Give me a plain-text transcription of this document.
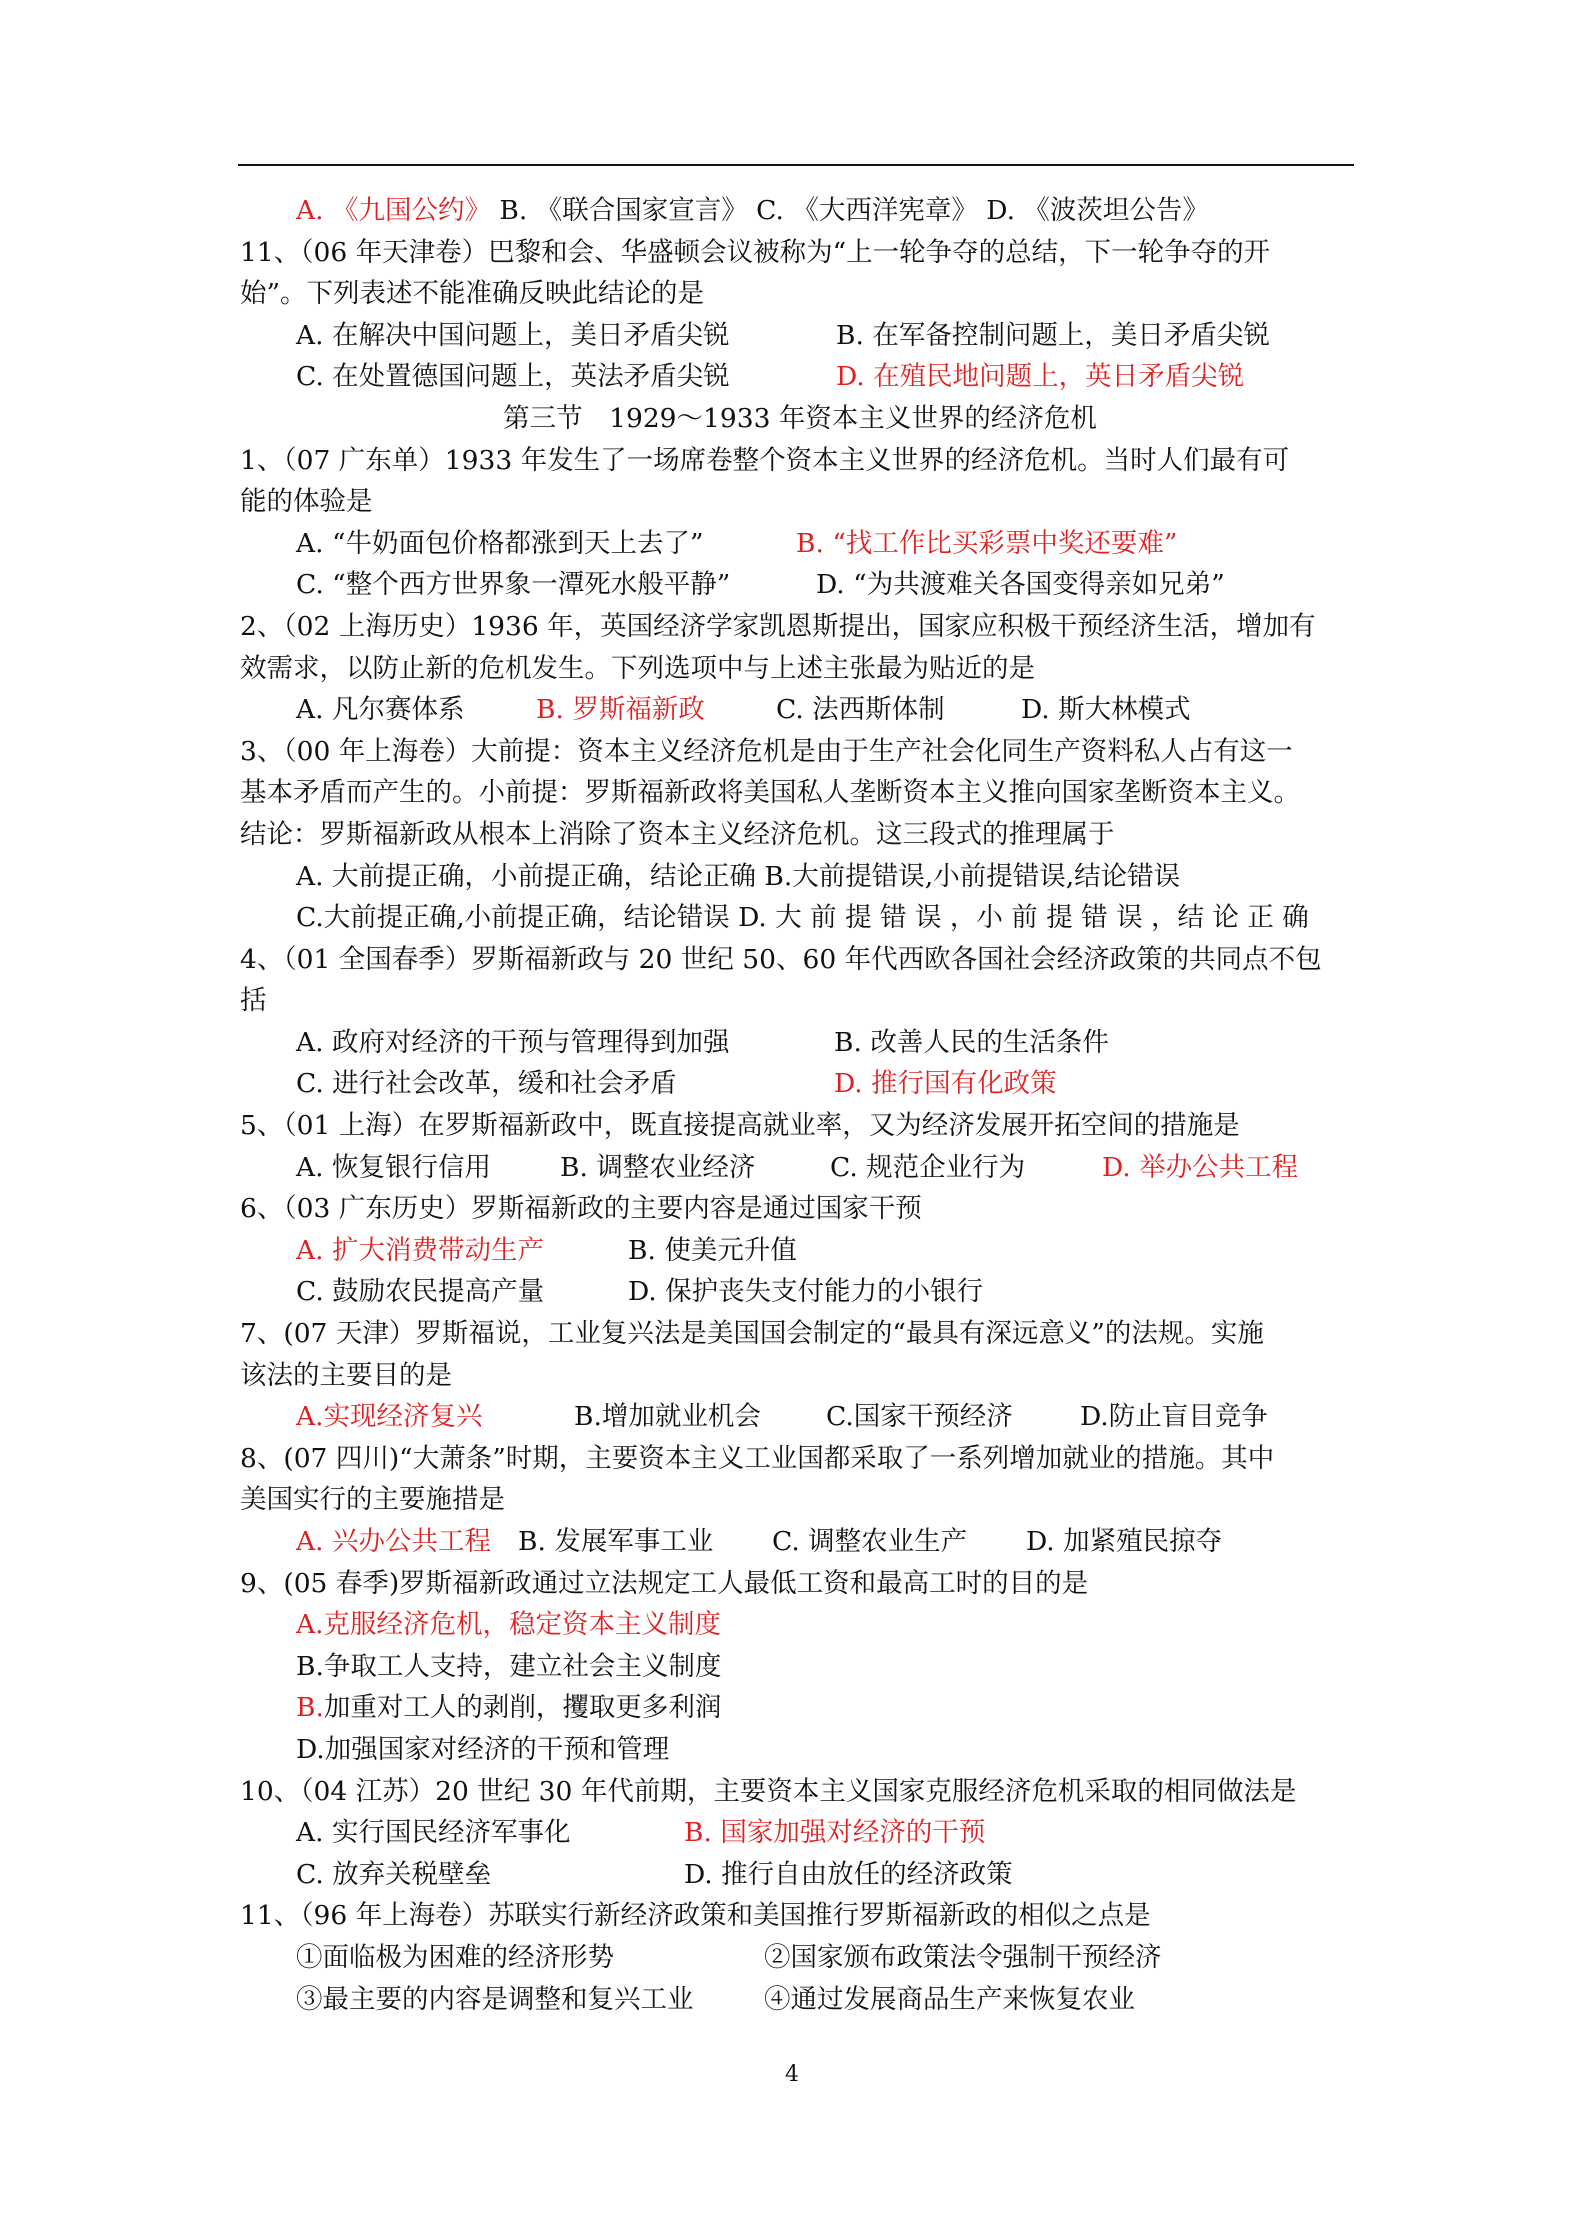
A. 《九国公约》 B. 《联合国家宣言》 C. 《大西洋宪章》 D. 《波茨坦公告》
11、（06 年天津卷）巴黎和会、华盛顿会议被称为“上一轮争夺的总结，下一轮争夺的开
始”。下列表述不能准确反映此结论的是
A. 在解决中国问题上，美日矛盾尖锐	B. 在军备控制问题上，美日矛盾尖锐
C. 在处置德国问题上，英法矛盾尖锐	D. 在殖民地问题上，英日矛盾尖锐
第三节　1929～1933 年资本主义世界的经济危机
1、（07 广东单）1933 年发生了一场席卷整个资本主义世界的经济危机。当时人们最有可
能的体验是
A. “牛奶面包价格都涨到天上去了”	B. “找工作比买彩票中奖还要难”
C. “整个西方世界象一潭死水般平静”	D. “为共渡难关各国变得亲如兄弟”
2、（02 上海历史）1936 年，英国经济学家凯恩斯提出，国家应积极干预经济生活，增加有
效需求，以防止新的危机发生。下列选项中与上述主张最为贴近的是
A. 凡尔赛体系	B. 罗斯福新政	C. 法西斯体制	D. 斯大林模式
3、（00 年上海卷）大前提：资本主义经济危机是由于生产社会化同生产资料私人占有这一
基本矛盾而产生的。小前提：罗斯福新政将美国私人垄断资本主义推向国家垄断资本主义。
结论：罗斯福新政从根本上消除了资本主义经济危机。这三段式的推理属于
A. 大前提正确，小前提正确，结论正确 B.大前提错误,小前提错误,结论错误
C.大前提正确,小前提正确，结论错误 D. 大 前 提 错 误 ，小 前 提 错 误 ，结 论 正 确
4、（01 全国春季）罗斯福新政与 20 世纪 50、60 年代西欧各国社会经济政策的共同点不包
括
A. 政府对经济的干预与管理得到加强	B. 改善人民的生活条件
C. 进行社会改革，缓和社会矛盾	D. 推行国有化政策
5、（01 上海）在罗斯福新政中，既直接提高就业率，又为经济发展开拓空间的措施是
A. 恢复银行信用	B. 调整农业经济	C. 规范企业行为	D. 举办公共工程
6、（03 广东历史）罗斯福新政的主要内容是通过国家干预
A. 扩大消费带动生产	B. 使美元升值
C. 鼓励农民提高产量	D. 保护丧失支付能力的小银行
7、(07 天津）罗斯福说，工业复兴法是美国国会制定的“最具有深远意义”的法规。实施
该法的主要目的是
A.实现经济复兴	B.增加就业机会 C.国家干预经济	D.防止盲目竞争
8、(07 四川)“大萧条”时期，主要资本主义工业国都采取了一系列增加就业的措施。其中
美国实行的主要施措是
A. 兴办公共工程 B. 发展军事工业 C. 调整农业生产 D. 加紧殖民掠夺
9、(05 春季)罗斯福新政通过立法规定工人最低工资和最高工时的目的是
A.克服经济危机，稳定资本主义制度
B.争取工人支持，建立社会主义制度
B.加重对工人的剥削，攫取更多利润
D.加强国家对经济的干预和管理
10、（04 江苏）20 世纪 30 年代前期，主要资本主义国家克服经济危机采取的相同做法是
A. 实行国民经济军事化	B. 国家加强对经济的干预
C. 放弃关税壁垒	D. 推行自由放任的经济政策
11、（96 年上海卷）苏联实行新经济政策和美国推行罗斯福新政的相似之点是
①面临极为困难的经济形势	②国家颁布政策法令强制干预经济
③最主要的内容是调整和复兴工业	④通过发展商品生产来恢复农业
4
